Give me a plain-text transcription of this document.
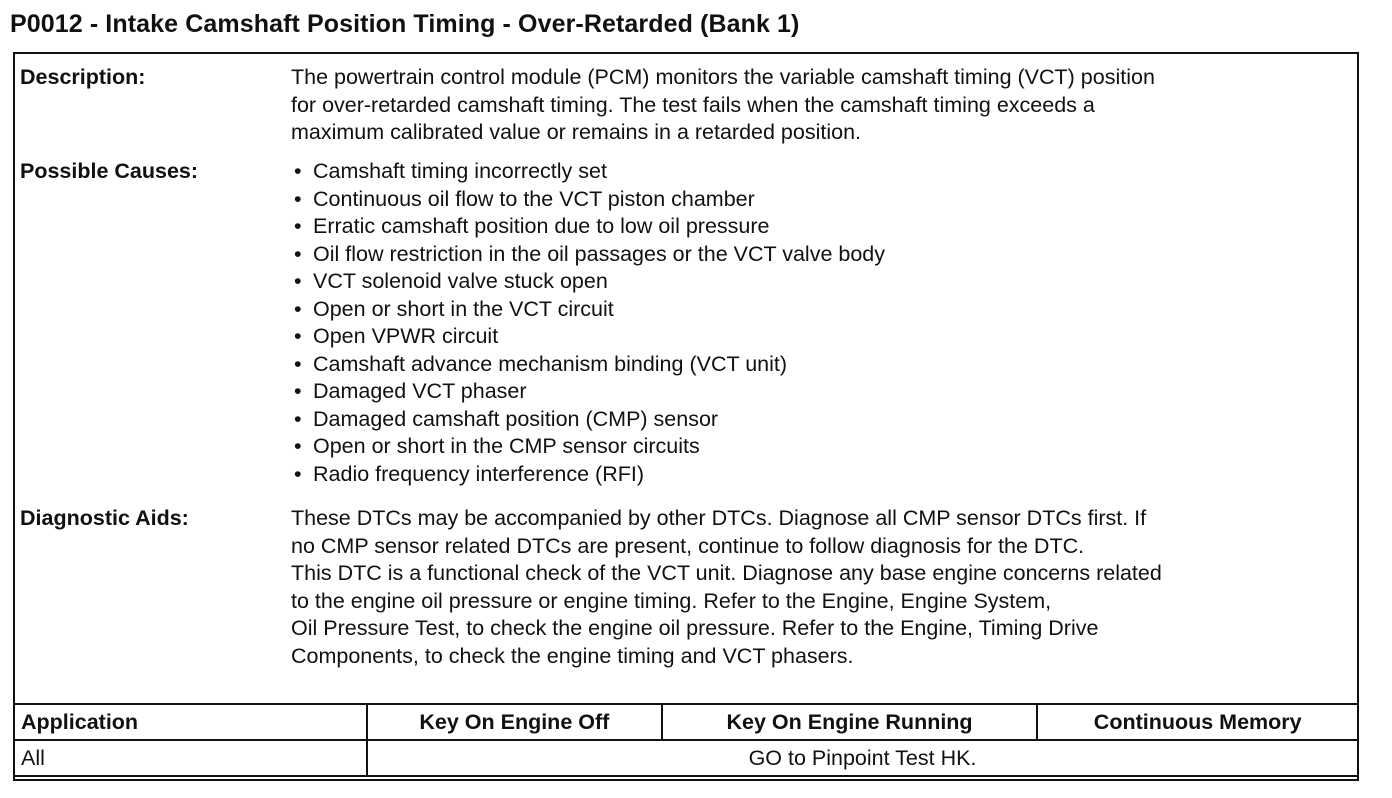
P0012 - Intake Camshaft Position Timing - Over-Retarded (Bank 1)
Description:	The powertrain control module (PCM) monitors the variable camshaft timing (VCT) position

for over-retarded camshaft timing. The test fails when the camshaft timing exceeds a

maximum calibrated value or remains in a retarded position.

Possible Causes:	• Camshaft timing incorrectly set
• Continuous oil flow to the VCT piston chamber
• Erratic camshaft position due to low oil pressure
• Oil flow restriction in the oil passages or the VCT valve body
• VCT solenoid valve stuck open
• Open or short in the VCT circuit
• Open VPWR circuit
• Camshaft advance mechanism binding (VCT unit)
• Damaged VCT phaser
• Damaged camshaft position (CMP) sensor
• Open or short in the CMP sensor circuits
• Radio frequency interference (RFI)
Diagnostic Aids:	These DTCs may be accompanied by other DTCs. Diagnose all CMP sensor DTCs first. If

no CMP sensor related DTCs are present, continue to follow diagnosis for the DTC.

This DTC is a functional check of the VCT unit. Diagnose any base engine concerns related

to the engine oil pressure or engine timing. Refer to the Engine, Engine System,

Oil Pressure Test, to check the engine oil pressure. Refer to the Engine, Timing Drive

Components, to check the engine timing and VCT phasers.

Application	Key On Engine Off	Key On Engine Running	Continuous Memory
All	GO to Pinpoint Test HK.		
